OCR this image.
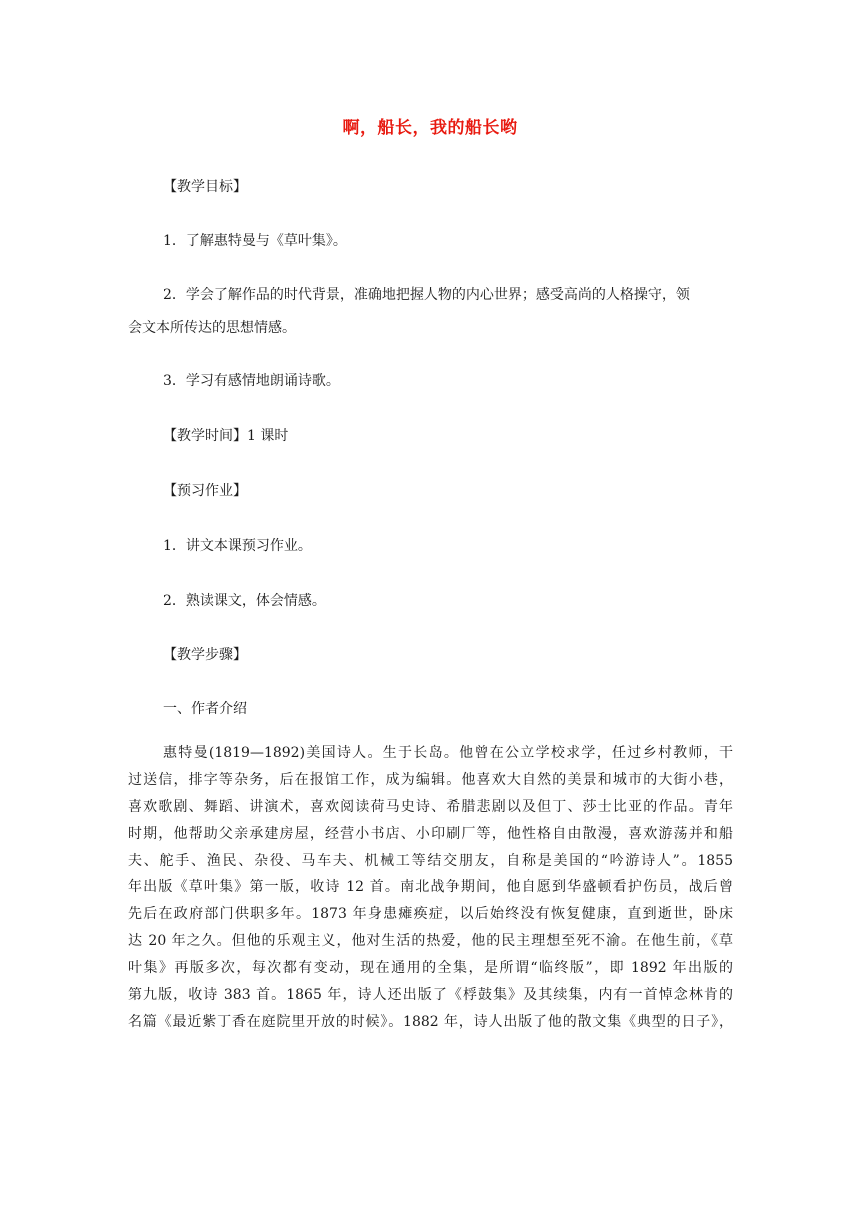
啊，船长，我的船长哟
【教学目标】
1．了解惠特曼与《草叶集》。
2．学会了解作品的时代背景，准确地把握人物的内心世界；感受高尚的人格操守，领
会文本所传达的思想情感。
3．学习有感情地朗诵诗歌。
【教学时间】1 课时
【预习作业】
1．讲文本课预习作业。
2．熟读课文，体会情感。
【教学步骤】
一、作者介绍
惠特曼(1819—1892)美国诗人。生于长岛。他曾在公立学校求学，任过乡村教师，干
过送信，排字等杂务，后在报馆工作，成为编辑。他喜欢大自然的美景和城市的大街小巷，
喜欢歌剧、舞蹈、讲演术，喜欢阅读荷马史诗、希腊悲剧以及但丁、莎士比亚的作品。青年
时期，他帮助父亲承建房屋，经营小书店、小印刷厂等，他性格自由散漫，喜欢游荡并和船
夫、舵手、渔民、杂役、马车夫、机械工等结交朋友，自称是美国的“吟游诗人”。1855
年出版《草叶集》第一版，收诗 12 首。南北战争期间，他自愿到华盛顿看护伤员，战后曾
先后在政府部门供职多年。1873 年身患瘫痪症，以后始终没有恢复健康，直到逝世，卧床
达 20 年之久。但他的乐观主义，他对生活的热爱，他的民主理想至死不渝。在他生前，《草
叶集》再版多次，每次都有变动，现在通用的全集，是所谓“临终版”，即 1892 年出版的
第九版，收诗 383 首。1865 年，诗人还出版了《桴鼓集》及其续集，内有一首悼念林肯的
名篇《最近紫丁香在庭院里开放的时候》。1882 年，诗人出版了他的散文集《典型的日子》，
